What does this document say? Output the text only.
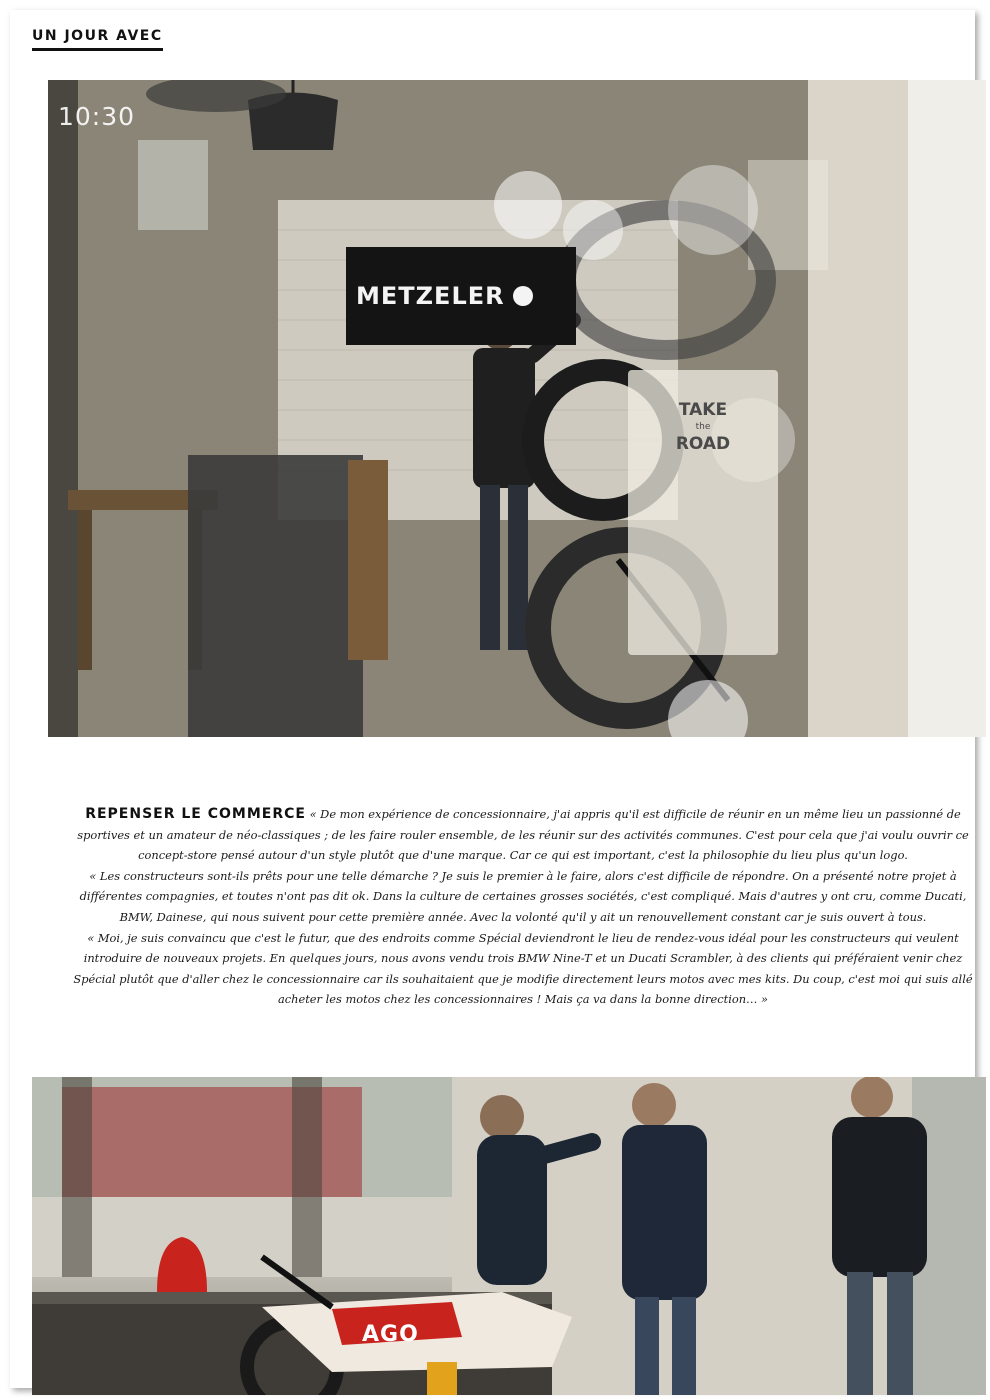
UN JOUR AVEC
10:30
METZELER
TAKE
the
ROAD

REPENSER LE COMMERCE « De mon expérience de concessionnaire, j'ai appris qu'il est difficile de réunir en un même lieu un passionné de sportives et un amateur de néo-classiques ; de les faire rouler ensemble, de les réunir sur des activités communes. C'est pour cela que j'ai voulu ouvrir ce concept-store pensé autour d'un style plutôt que d'une marque. Car ce qui est important, c'est la philosophie du lieu plus qu'un logo.

« Les constructeurs sont-ils prêts pour une telle démarche ? Je suis le premier à le faire, alors c'est difficile de répondre. On a présenté notre projet à différentes compagnies, et toutes n'ont pas dit ok. Dans la culture de certaines grosses sociétés, c'est compliqué. Mais d'autres y ont cru, comme Ducati, BMW, Dainese, qui nous suivent pour cette première année. Avec la volonté qu'il y ait un renouvellement constant car je suis ouvert à tous.

« Moi, je suis convaincu que c'est le futur, que des endroits comme Spécial deviendront le lieu de rendez-vous idéal pour les constructeurs qui veulent introduire de nouveaux projets. En quelques jours, nous avons vendu trois BMW Nine-T et un Ducati Scrambler, à des clients qui préféraient venir chez Spécial plutôt que d'aller chez le concessionnaire car ils souhaitaient que je modifie directement leurs motos avec mes kits. Du coup, c'est moi qui suis allé acheter les motos chez les concessionnaires ! Mais ça va dans la bonne direction… »

AGO
